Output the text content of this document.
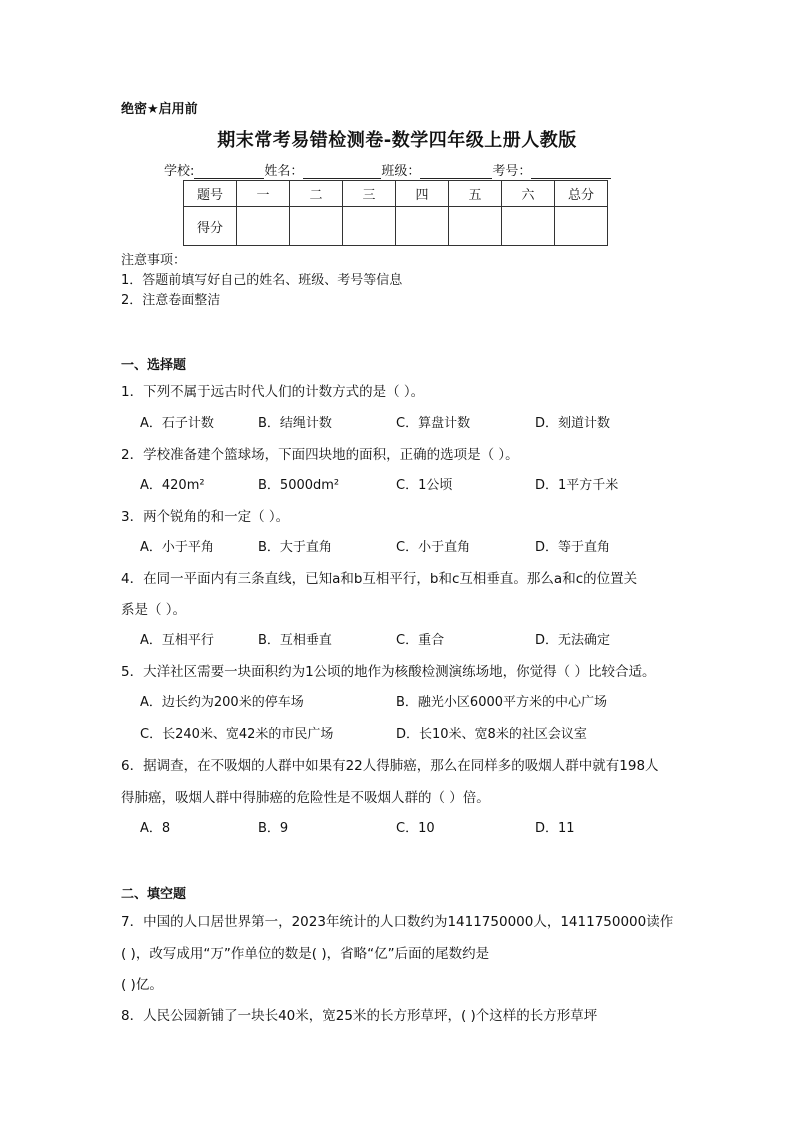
绝密★启用前
期末常考易错检测卷-数学四年级上册人教版
学校:	姓名：	班级：	考号：
题号	一	二	三	四	五	六	总分
得分							
注意事项：
1．答题前填写好自己的姓名、班级、考号等信息
2．注意卷面整洁
一、选择题
1．下列不属于远古时代人们的计数方式的是（ ）。
A．石子计数	B．结绳计数	C．算盘计数	D．刻道计数
2．学校准备建个篮球场，下面四块地的面积，正确的选项是（ ）。
A．420m²	B．5000dm²	C．1公顷	D．1平方千米
3．两个锐角的和一定（ ）。
A．小于平角	B．大于直角	C．小于直角	D．等于直角
4．在同一平面内有三条直线，已知a和b互相平行，b和c互相垂直。那么a和c的位置关
系是（ ）。
A．互相平行	B．互相垂直	C．重合	D．无法确定
5．大洋社区需要一块面积约为1公顷的地作为核酸检测演练场地，你觉得（ ）比较合适。
A．边长约为200米的停车场	B．融光小区6000平方米的中心广场
C．长240米、宽42米的市民广场	D．长10米、宽8米的社区会议室
6．据调查，在不吸烟的人群中如果有22人得肺癌，那么在同样多的吸烟人群中就有198人
得肺癌，吸烟人群中得肺癌的危险性是不吸烟人群的（ ）倍。
A．8	B．9	C．10	D．11
二、填空题
7．中国的人口居世界第一，2023年统计的人口数约为1411750000人，1411750000读作
( )，改写成用“万”作单位的数是( )，省略“亿”后面的尾数约是
( )亿。
8．人民公园新铺了一块长40米，宽25米的长方形草坪，( )个这样的长方形草坪
